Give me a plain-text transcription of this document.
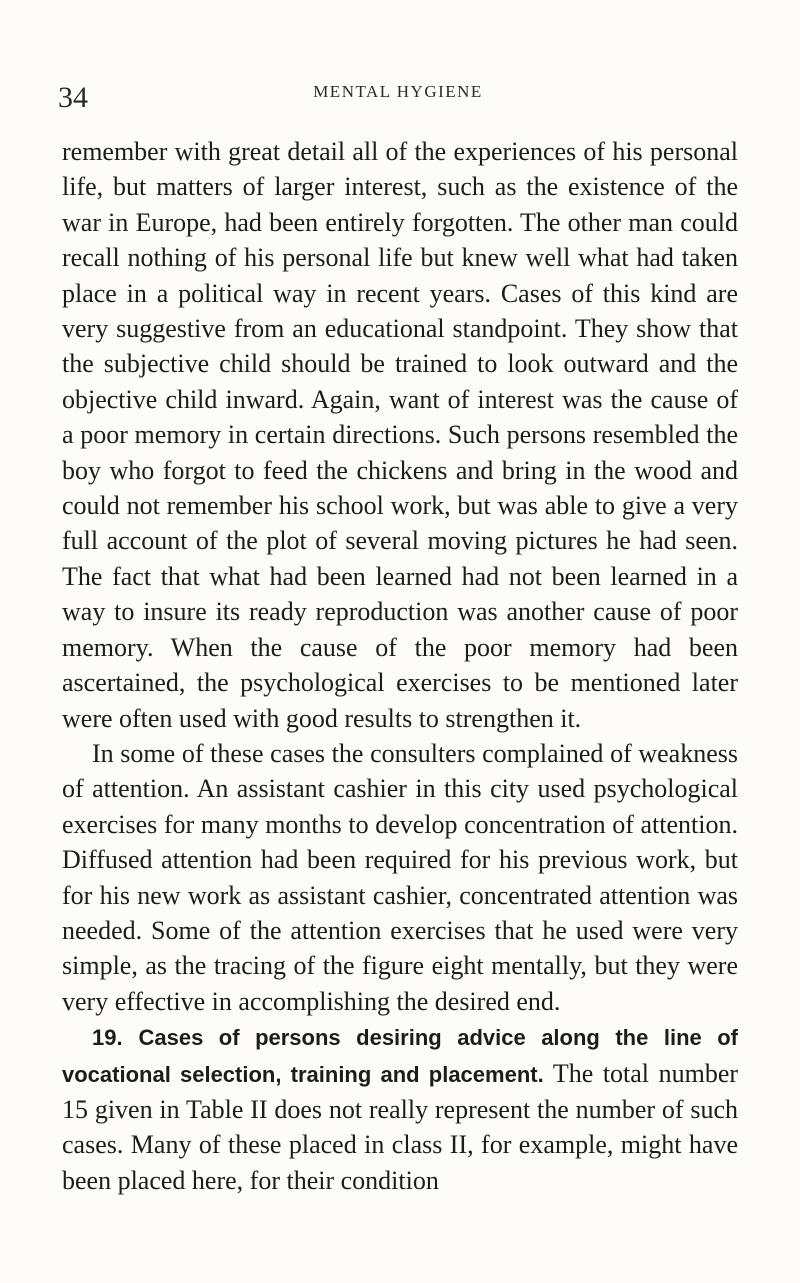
34	MENTAL HYGIENE

remember with great detail all of the experiences of his personal life, but matters of larger interest, such as the existence of the war in Europe, had been entirely forgotten. The other man could recall nothing of his personal life but knew well what had taken place in a political way in recent years. Cases of this kind are very suggestive from an educational standpoint. They show that the subjective child should be trained to look outward and the objective child inward. Again, want of interest was the cause of a poor memory in certain directions. Such persons resembled the boy who forgot to feed the chickens and bring in the wood and could not remember his school work, but was able to give a very full account of the plot of several moving pictures he had seen. The fact that what had been learned had not been learned in a way to insure its ready reproduction was another cause of poor memory. When the cause of the poor memory had been ascertained, the psychological exercises to be mentioned later were often used with good results to strengthen it.

In some of these cases the consulters complained of weakness of attention. An assistant cashier in this city used psychological exercises for many months to develop concentration of attention. Diffused attention had been required for his previous work, but for his new work as assistant cashier, concentrated attention was needed. Some of the attention exercises that he used were very simple, as the tracing of the figure eight mentally, but they were very effective in accomplishing the desired end.

19. Cases of persons desiring advice along the line of vocational selection, training and placement. The total number 15 given in Table II does not really represent the number of such cases. Many of these placed in class II, for example, might have been placed here, for their condition
